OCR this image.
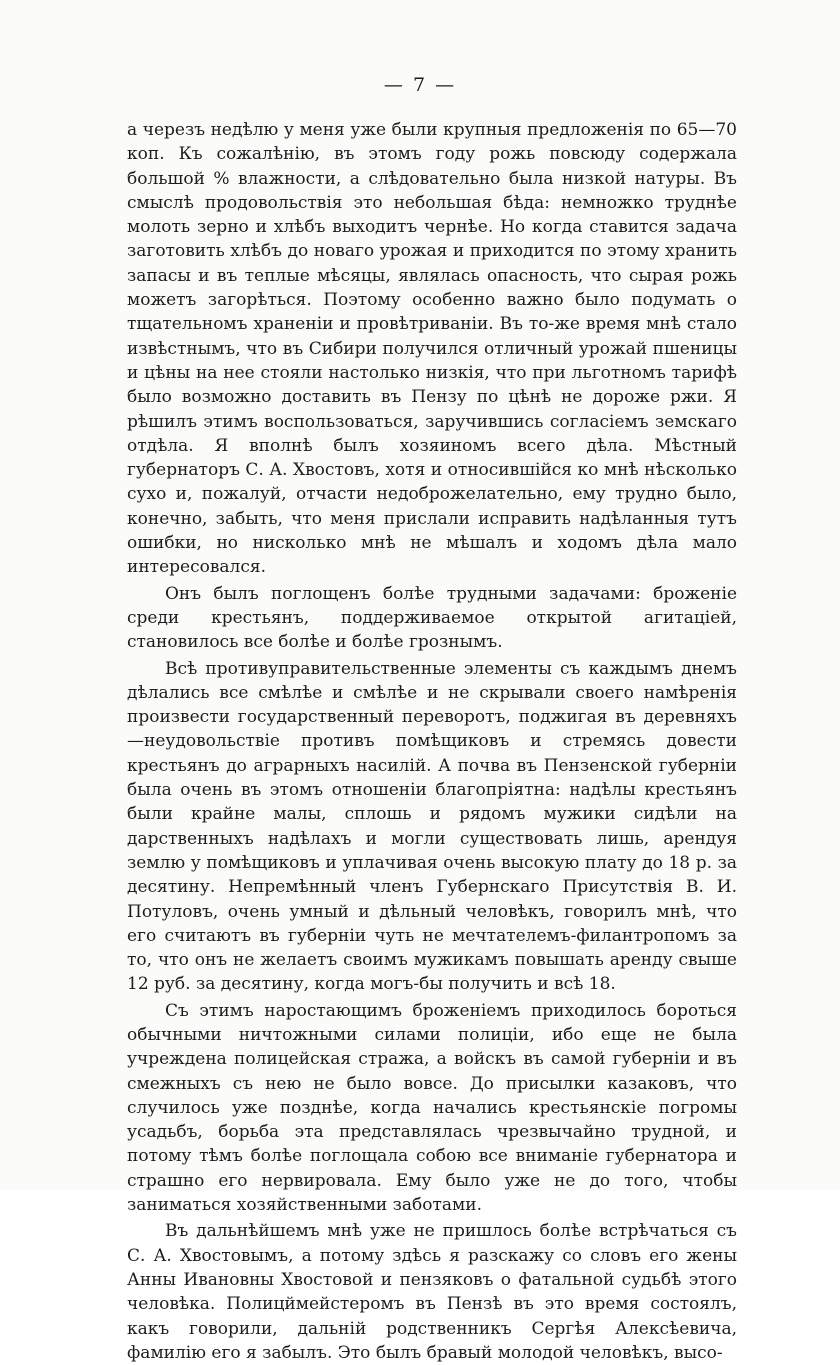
— 7 —

а черезъ недѣлю у меня уже были крупныя предложенія по 65—70 коп. Къ сожалѣнію, въ этомъ году рожь повсюду содержала большой % влажности, а слѣдовательно была низкой натуры. Въ смыслѣ продовольствія это небольшая бѣда: немножко труднѣе молоть зерно и хлѣбъ выходитъ чернѣе. Но когда ставится задача заготовить хлѣбъ до новаго урожая и приходится по этому хранить запасы и въ теплые мѣсяцы, являлась опасность, что сырая рожь можетъ загорѣться. Поэтому особенно важно было подумать о тщательномъ храненіи и провѣтриваніи. Въ то-же время мнѣ стало извѣстнымъ, что въ Сибири получился отличный урожай пшеницы и цѣны на нее стояли настолько низкія, что при льготномъ тарифѣ было возможно доставить въ Пензу по цѣнѣ не дороже ржи. Я рѣшилъ этимъ воспользоваться, заручившись согласіемъ земскаго отдѣла. Я вполнѣ былъ хозяиномъ всего дѣла. Мѣстный губернаторъ С. А. Хвостовъ, хотя и относившійся ко мнѣ нѣсколько сухо и, пожалуй, отчасти недоброжелательно, ему трудно было, конечно, забыть, что меня прислали исправить надѣланныя тутъ ошибки, но нисколько мнѣ не мѣшалъ и ходомъ дѣла мало интересовался.

Онъ былъ поглощенъ болѣе трудными задачами: броженіе среди крестьянъ, поддерживаемое открытой агитаціей, становилось все болѣе и болѣе грознымъ.

Всѣ противуправительственные элементы съ каждымъ днемъ дѣлались все смѣлѣе и смѣлѣе и не скрывали своего намѣренія произвести государственный переворотъ, поджигая въ деревняхъ—неудовольствіе противъ помѣщиковъ и стремясь довести крестьянъ до аграрныхъ насилій. А почва въ Пензенской губерніи была очень въ этомъ отношеніи благопріятна: надѣлы крестьянъ были крайне малы, сплошь и рядомъ мужики сидѣли на дарственныхъ надѣлахъ и могли существовать лишь, арендуя землю у помѣщиковъ и уплачивая очень высокую плату до 18 р. за десятину. Непремѣнный членъ Губернскаго Присутствія В. И. Потуловъ, очень умный и дѣльный человѣкъ, говорилъ мнѣ, что его считаютъ въ губерніи чуть не мечтателемъ-филантропомъ за то, что онъ не желаетъ своимъ мужикамъ повышать аренду свыше 12 руб. за десятину, когда могъ-бы получить и всѣ 18.

Съ этимъ наростающимъ броженіемъ приходилось бороться обычными ничтожными силами полиціи, ибо еще не была учреждена полицейская стража, а войскъ въ самой губерніи и въ смежныхъ съ нею не было вовсе. До присылки казаковъ, что случилось уже позднѣе, когда начались крестьянскіе погромы усадьбъ, борьба эта представлялась чрезвычайно трудной, и потому тѣмъ болѣе поглощала собою все вниманіе губернатора и страшно его нервировала. Ему было уже не до того, чтобы заниматься хозяйственными заботами.

Въ дальнѣйшемъ мнѣ уже не пришлось болѣе встрѣчаться съ С. А. Хвостовымъ, а потому здѣсь я разскажу со словъ его жены Анны Ивановны Хвостовой и пензяковъ о фатальной судьбѣ этого человѣка. Полицймейстеромъ въ Пензѣ въ это время состоялъ, какъ говорили, дальній родственникъ Сергѣя Алексѣевича, фамилію его я забылъ. Это былъ бравый молодой человѣкъ, высо-
